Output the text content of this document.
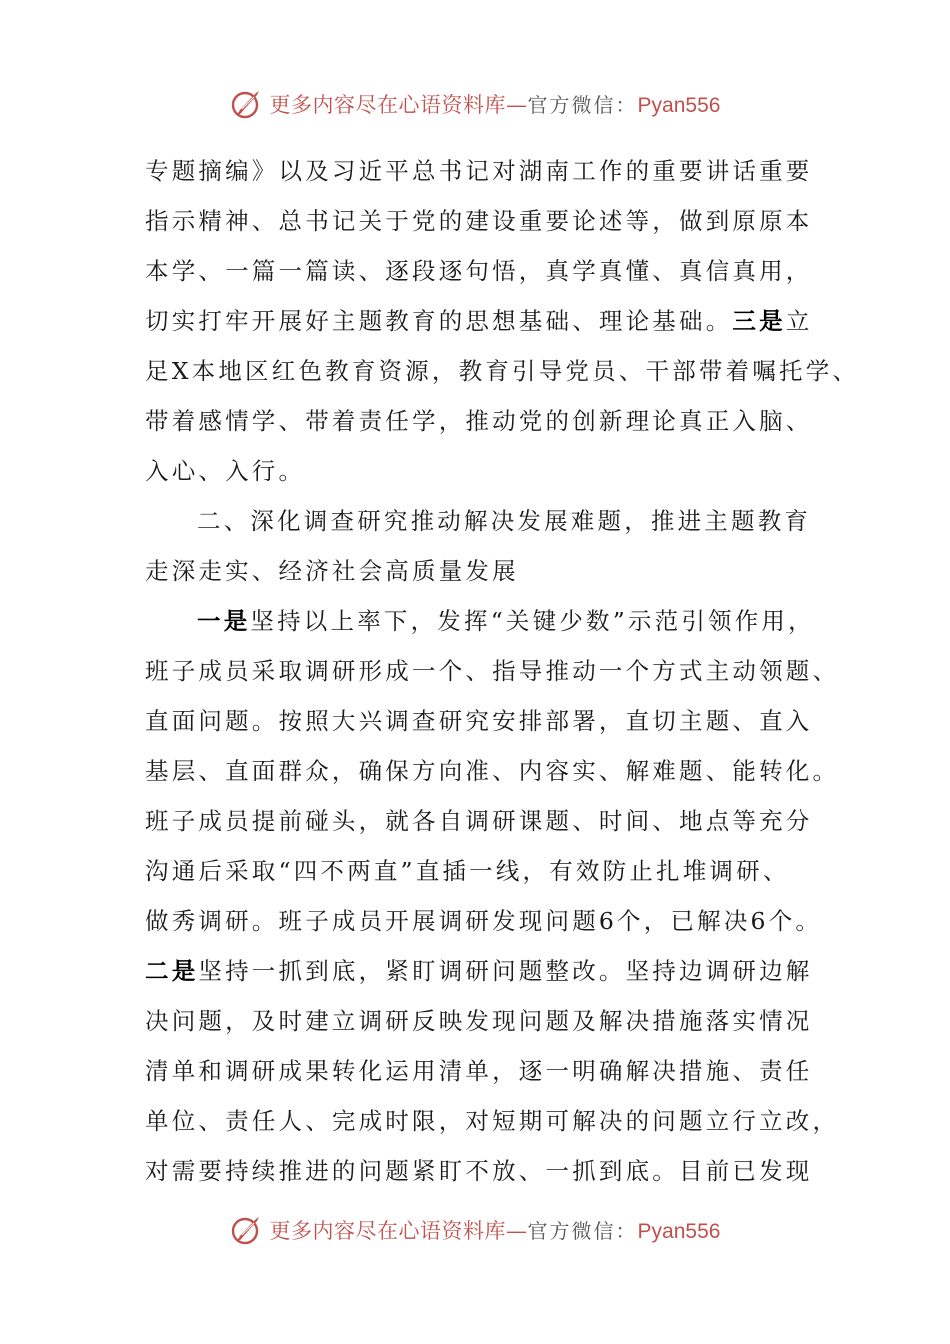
更多内容尽在心语资料库—官方微信：Pyan556
专题摘编》以及习近平总书记对湖南工作的重要讲话重要
指示精神、总书记关于党的建设重要论述等，做到原原本
本学、一篇一篇读、逐段逐句悟，真学真懂、真信真用，
切实打牢开展好主题教育的思想基础、理论基础。三是立
足X本地区红色教育资源，教育引导党员、干部带着嘱托学、
带着感情学、带着责任学，推动党的创新理论真正入脑、
入心、入行。
二、深化调查研究推动解决发展难题，推进主题教育
走深走实、经济社会高质量发展
一是坚持以上率下，发挥“关键少数”示范引领作用，
班子成员采取调研形成一个、指导推动一个方式主动领题、
直面问题。按照大兴调查研究安排部署，直切主题、直入
基层、直面群众，确保方向准、内容实、解难题、能转化。
班子成员提前碰头，就各自调研课题、时间、地点等充分
沟通后采取“四不两直”直插一线，有效防止扎堆调研、
做秀调研。班子成员开展调研发现问题6个，已解决6个。
二是坚持一抓到底，紧盯调研问题整改。坚持边调研边解
决问题，及时建立调研反映发现问题及解决措施落实情况
清单和调研成果转化运用清单，逐一明确解决措施、责任
单位、责任人、完成时限，对短期可解决的问题立行立改，
对需要持续推进的问题紧盯不放、一抓到底。目前已发现
更多内容尽在心语资料库—官方微信：Pyan556
